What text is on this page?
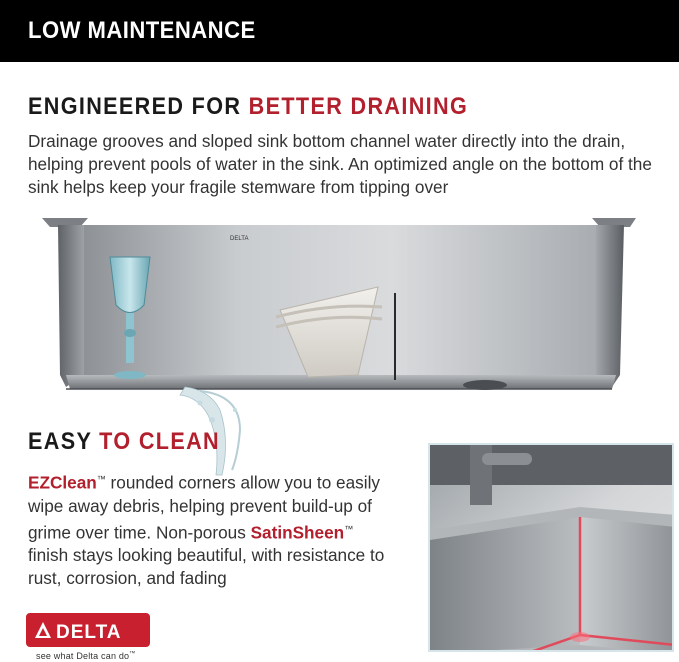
LOW MAINTENANCE
ENGINEERED FOR BETTER DRAINING
Drainage grooves and sloped sink bottom channel water directly into the drain, helping prevent pools of water in the sink. An optimized angle on the bottom of the sink helps keep your fragile stemware from tipping over
DELTA
EASY TO CLEAN
EZClean™ rounded corners allow you to easily wipe away debris, helping prevent build-up of grime over time. Non-porous SatinSheen™ finish stays looking beautiful, with resistance to rust, corrosion, and fading
DELTA
see what Delta can do™
